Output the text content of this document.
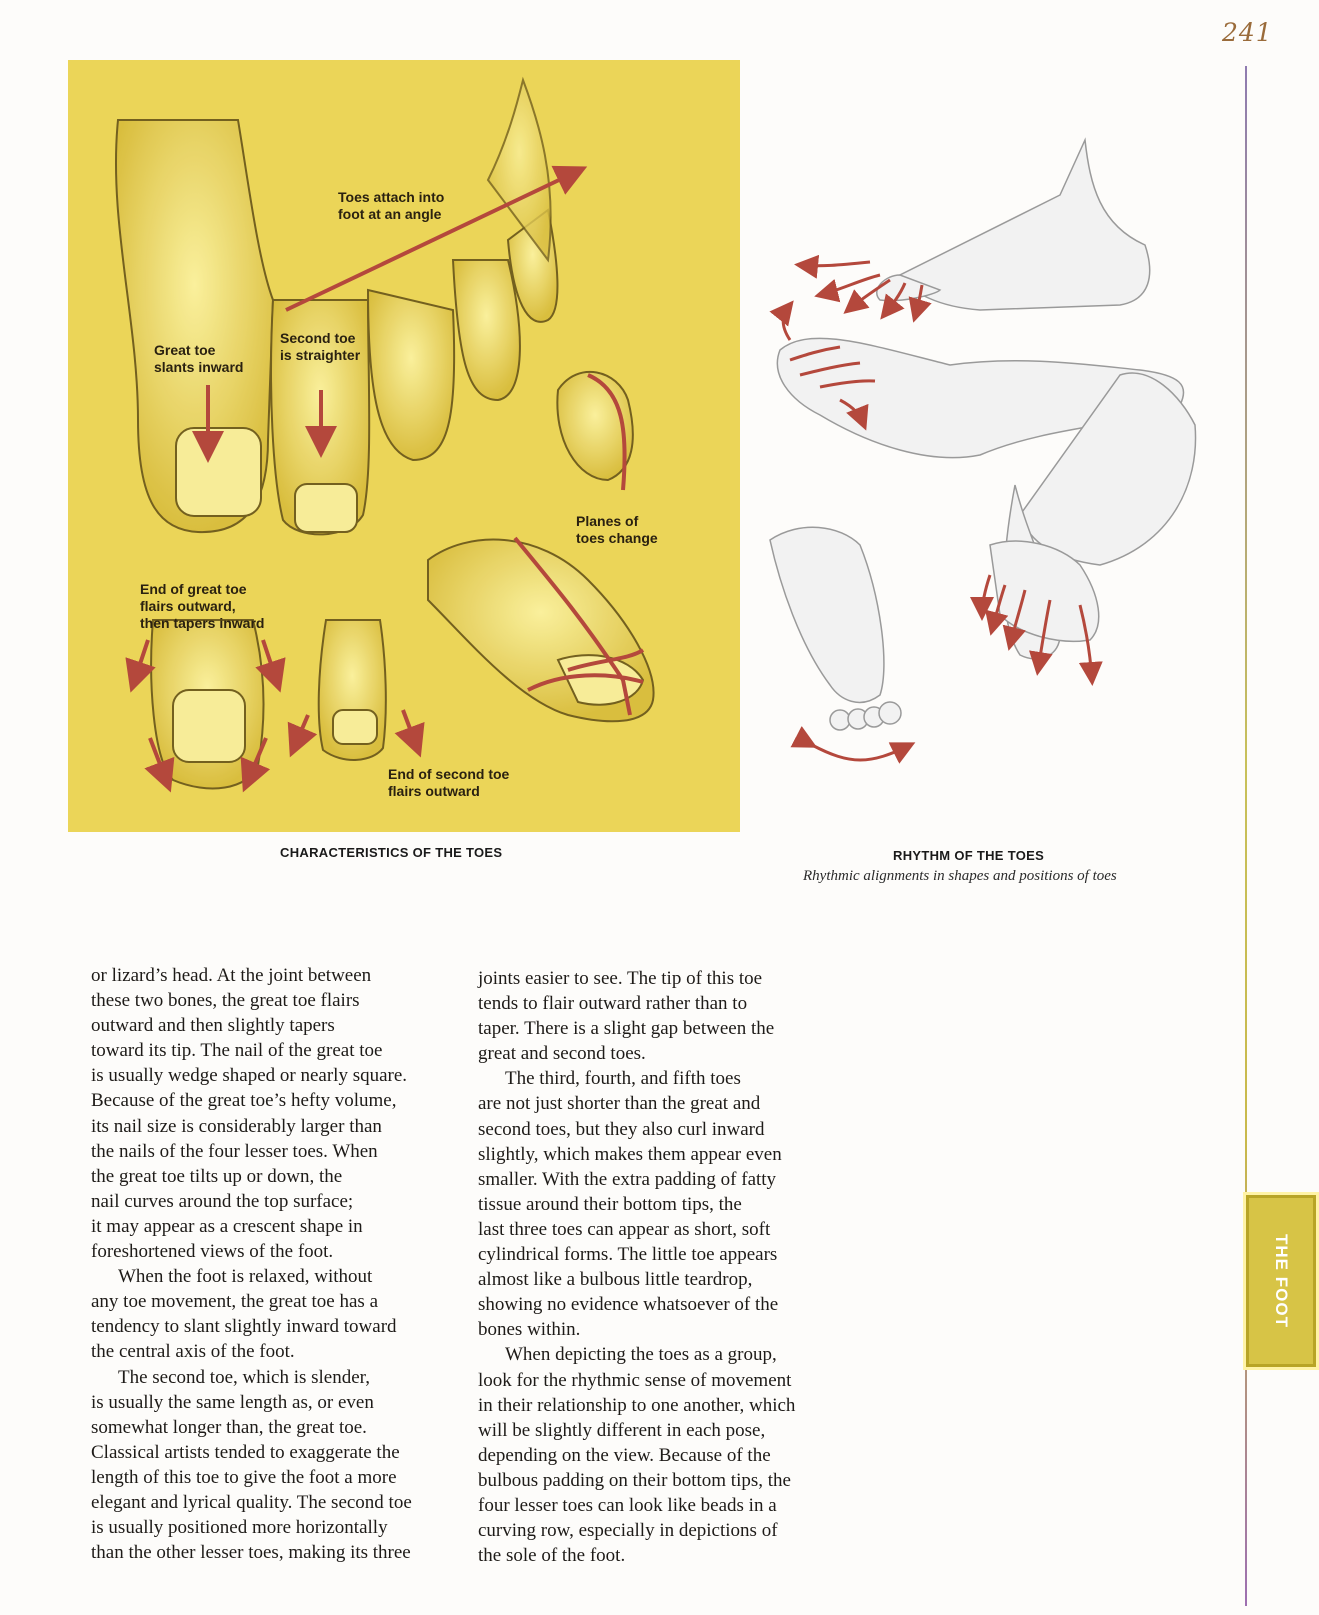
241
THE FOOT
Toes attach into
foot at an angle
Great toe
slants inward
Second toe
is straighter
Planes of
toes change
End of great toe
flairs outward,
then tapers inward
End of second toe
flairs outward
CHARACTERISTICS OF THE TOES	RHYTHM OF THE TOES
Rhythmic alignments in shapes and positions of toes

or lizard’s head. At the joint between
these two bones, the great toe flairs
outward and then slightly tapers
toward its tip. The nail of the great toe
is usually wedge shaped or nearly square.
Because of the great toe’s hefty volume,
its nail size is considerably larger than
the nails of the four lesser toes. When
the great toe tilts up or down, the
nail curves around the top surface;
it may appear as a crescent shape in
foreshortened views of the foot.

When the foot is relaxed, without
any toe movement, the great toe has a
tendency to slant slightly inward toward
the central axis of the foot.

The second toe, which is slender,
is usually the same length as, or even
somewhat longer than, the great toe.
Classical artists tended to exaggerate the
length of this toe to give the foot a more
elegant and lyrical quality. The second toe
is usually positioned more horizontally
than the other lesser toes, making its three

joints easier to see. The tip of this toe
tends to flair outward rather than to
taper. There is a slight gap between the
great and second toes.

The third, fourth, and fifth toes
are not just shorter than the great and
second toes, but they also curl inward
slightly, which makes them appear even
smaller. With the extra padding of fatty
tissue around their bottom tips, the
last three toes can appear as short, soft
cylindrical forms. The little toe appears
almost like a bulbous little teardrop,
showing no evidence whatsoever of the
bones within.

When depicting the toes as a group,
look for the rhythmic sense of movement
in their relationship to one another, which
will be slightly different in each pose,
depending on the view. Because of the
bulbous padding on their bottom tips, the
four lesser toes can look like beads in a
curving row, especially in depictions of
the sole of the foot.
